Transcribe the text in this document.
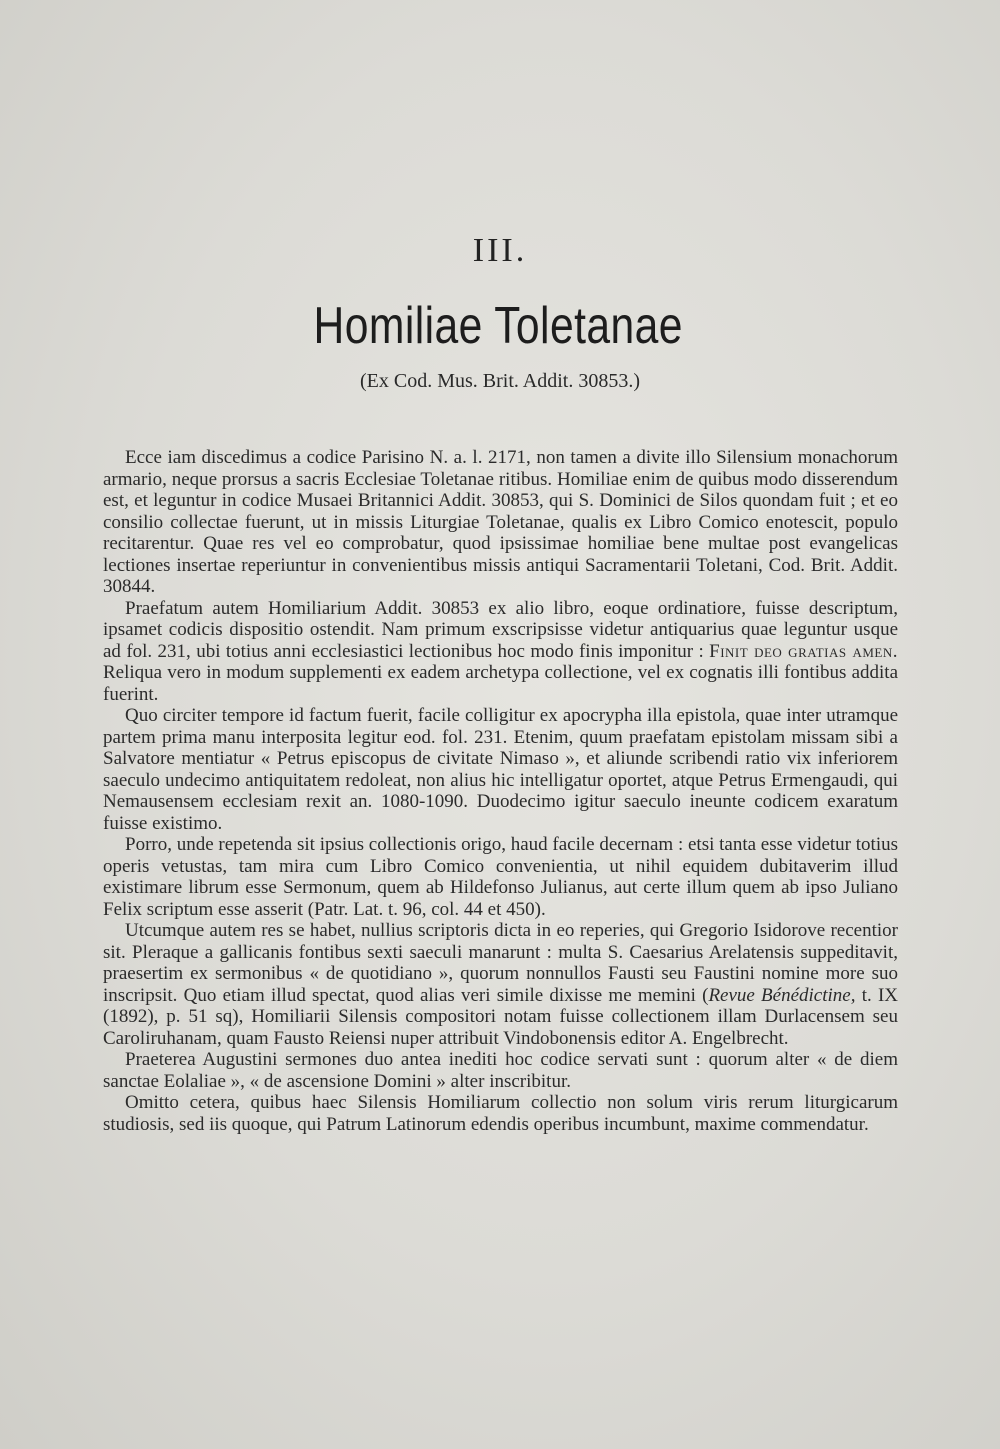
III.
Homiliae Toletanae
(Ex Cod. Mus. Brit. Addit. 30853.)

Ecce iam discedimus a codice Parisino N. a. l. 2171, non tamen a divite illo Silensium monachorum armario, neque prorsus a sacris Ecclesiae Toletanae ritibus. Homiliae enim de quibus modo disserendum est, et leguntur in codice Musaei Britannici Addit. 30853, qui S. Dominici de Silos quondam fuit ; et eo consilio collectae fuerunt, ut in missis Liturgiae Toletanae, qualis ex Libro Comico enotescit, populo recitarentur. Quae res vel eo comprobatur, quod ipsissimae homiliae bene multae post evangelicas lectiones insertae reperiuntur in convenientibus missis antiqui Sacramentarii Toletani, Cod. Brit. Addit. 30844.

Praefatum autem Homiliarium Addit. 30853 ex alio libro, eoque ordinatiore, fuisse descriptum, ipsamet codicis dispositio ostendit. Nam primum exscripsisse videtur antiquarius quae leguntur usque ad fol. 231, ubi totius anni ecclesiastici lectionibus hoc modo finis imponitur : Finit deo gratias amen. Reliqua vero in modum supplementi ex eadem archetypa collectione, vel ex cognatis illi fontibus addita fuerint.

Quo circiter tempore id factum fuerit, facile colligitur ex apocrypha illa epistola, quae inter utramque partem prima manu interposita legitur eod. fol. 231. Etenim, quum praefatam epistolam missam sibi a Salvatore mentiatur « Petrus episcopus de civitate Nimaso », et aliunde scribendi ratio vix inferiorem saeculo undecimo antiquitatem redoleat, non alius hic intelligatur oportet, atque Petrus Ermengaudi, qui Nemausensem ecclesiam rexit an. 1080-1090. Duodecimo igitur saeculo ineunte codicem exaratum fuisse existimo.

Porro, unde repetenda sit ipsius collectionis origo, haud facile decernam : etsi tanta esse videtur totius operis vetustas, tam mira cum Libro Comico convenientia, ut nihil equidem dubitaverim illud existimare librum esse Sermonum, quem ab Hildefonso Julianus, aut certe illum quem ab ipso Juliano Felix scriptum esse asserit (Patr. Lat. t. 96, col. 44 et 450).

Utcumque autem res se habet, nullius scriptoris dicta in eo reperies, qui Gregorio Isidorove recentior sit. Pleraque a gallicanis fontibus sexti saeculi manarunt : multa S. Caesarius Arelatensis suppeditavit, praesertim ex sermonibus « de quotidiano », quorum nonnullos Fausti seu Faustini nomine more suo inscripsit. Quo etiam illud spectat, quod alias veri simile dixisse me memini (Revue Bénédictine, t. IX (1892), p. 51 sq), Homiliarii Silensis compositori notam fuisse collectionem illam Durlacensem seu Caroliruhanam, quam Fausto Reiensi nuper attribuit Vindobonensis editor A. Engelbrecht.

Praeterea Augustini sermones duo antea inediti hoc codice servati sunt : quorum alter « de diem sanctae Eolaliae », « de ascensione Domini » alter inscribitur.

Omitto cetera, quibus haec Silensis Homiliarum collectio non solum viris rerum liturgicarum studiosis, sed iis quoque, qui Patrum Latinorum edendis operibus incumbunt, maxime commendatur.
